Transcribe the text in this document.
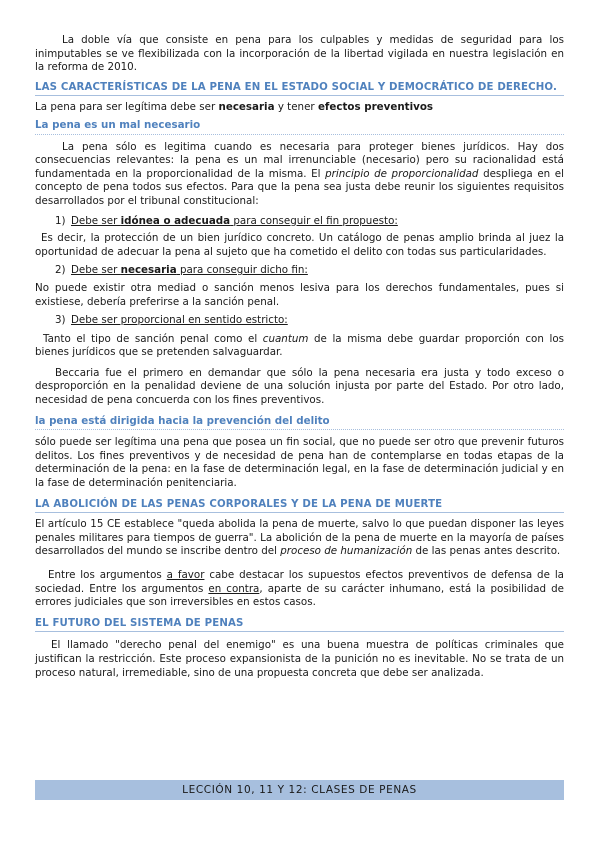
La doble vía que consiste en pena para los culpables y medidas de seguridad para los inimputables se ve flexibilizada con la incorporación de la libertad vigilada en nuestra legislación en la reforma de 2010.

LAS CARACTERÍSTICAS DE LA PENA EN EL ESTADO SOCIAL Y DEMOCRÁTICO DE DERECHO.

La pena para ser legítima debe ser necesaria y tener efectos preventivos

La pena es un mal necesario

La pena sólo es legitima cuando es necesaria para proteger bienes jurídicos. Hay dos consecuencias relevantes: la pena es un mal irrenunciable (necesario) pero su racionalidad está fundamentada en la proporcionalidad de la misma. El principio de proporcionalidad despliega en el concepto de pena todos sus efectos. Para que la pena sea justa debe reunir los siguientes requisitos desarrollados por el tribunal constitucional:

1) Debe ser idónea o adecuada para conseguir el fin propuesto:

Es decir, la protección de un bien jurídico concreto. Un catálogo de penas amplio brinda al juez la oportunidad de adecuar la pena al sujeto que ha cometido el delito con todas sus particularidades.

2) Debe ser necesaria para conseguir dicho fin:

No puede existir otra mediad o sanción menos lesiva para los derechos fundamentales, pues si existiese, debería preferirse a la sanción penal.

3) Debe ser proporcional en sentido estricto:

Tanto el tipo de sanción penal como el cuantum de la misma debe guardar proporción con los bienes jurídicos que se pretenden salvaguardar.

Beccaria fue el primero en demandar que sólo la pena necesaria era justa y todo exceso o desproporción en la penalidad deviene de una solución injusta por parte del Estado. Por otro lado, necesidad de pena concuerda con los fines preventivos.

la pena está dirigida hacia la prevención del delito

sólo puede ser legítima una pena que posea un fin social, que no puede ser otro que prevenir futuros delitos. Los fines preventivos y de necesidad de pena han de contemplarse en todas etapas de la determinación de la pena: en la fase de determinación legal, en la fase de determinación judicial y en la fase de determinación penitenciaria.

LA ABOLICIÓN DE LAS PENAS CORPORALES Y DE LA PENA DE MUERTE

El artículo 15 CE establece "queda abolida la pena de muerte, salvo lo que puedan disponer las leyes penales militares para tiempos de guerra". La abolición de la pena de muerte en la mayoría de países desarrollados del mundo se inscribe dentro del proceso de humanización de las penas antes descrito.

Entre los argumentos a favor cabe destacar los supuestos efectos preventivos de defensa de la sociedad. Entre los argumentos en contra, aparte de su carácter inhumano, está la posibilidad de errores judiciales que son irreversibles en estos casos.

EL FUTURO DEL SISTEMA DE PENAS

El llamado "derecho penal del enemigo" es una buena muestra de políticas criminales que justifican la restricción. Este proceso expansionista de la punición no es inevitable. No se trata de un proceso natural, irremediable, sino de una propuesta concreta que debe ser analizada.

LECCIÓN 10, 11 Y 12: CLASES DE PENAS
